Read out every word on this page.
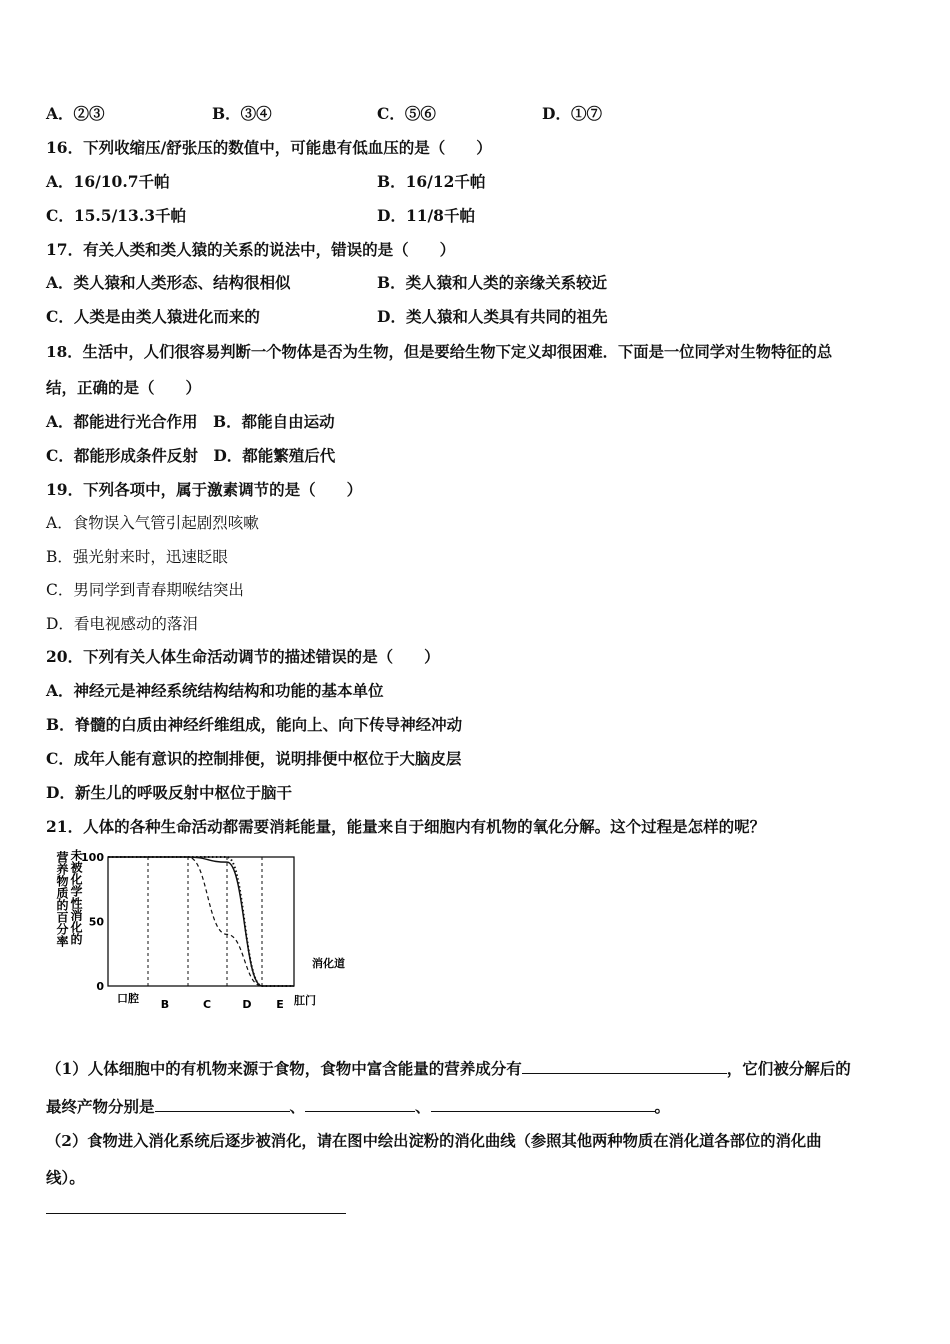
A．②③	B．③④	C．⑤⑥	D．①⑦
16．下列收缩压/舒张压的数值中，可能患有低血压的是（　　）
A．16/10.7千帕	B．16/12千帕
C．15.5/13.3千帕	D．11/8千帕
17．有关人类和类人猿的关系的说法中，错误的是（　　）
A．类人猿和人类形态、结构很相似	B．类人猿和人类的亲缘关系较近
C．人类是由类人猿进化而来的	D．类人猿和人类具有共同的祖先
18．生活中，人们很容易判断一个物体是否为生物，但是要给生物下定义却很困难．下面是一位同学对生物特征的总
结，正确的是（　　）
A．都能进行光合作用　B．都能自由运动
C．都能形成条件反射　D．都能繁殖后代
19．下列各项中，属于激素调节的是（　　）
A．食物误入气管引起剧烈咳嗽
B．强光射来时，迅速眨眼
C．男同学到青春期喉结突出
D．看电视感动的落泪
20．下列有关人体生命活动调节的描述错误的是（　　）
A．神经元是神经系统结构结构和功能的基本单位
B．脊髓的白质由神经纤维组成，能向上、向下传导神经冲动
C．成年人能有意识的控制排便，说明排便中枢位于大脑皮层
D．新生儿的呼吸反射中枢位于脑干
21．人体的各种生命活动都需要消耗能量，能量来自于细胞内有机物的氧化分解。这个过程是怎样的呢？
营养物质的百分率 未被化学性消化的
100
50
0
口腔 B	C	D E 肛门
消化道
（1）人体细胞中的有机物来源于食物，食物中富含能量的营养成分有	，它们被分解后的
最终产物分别是	、	、	。
（2）食物进入消化系统后逐步被消化，请在图中绘出淀粉的消化曲线（参照其他两种物质在消化道各部位的消化曲
线）。
